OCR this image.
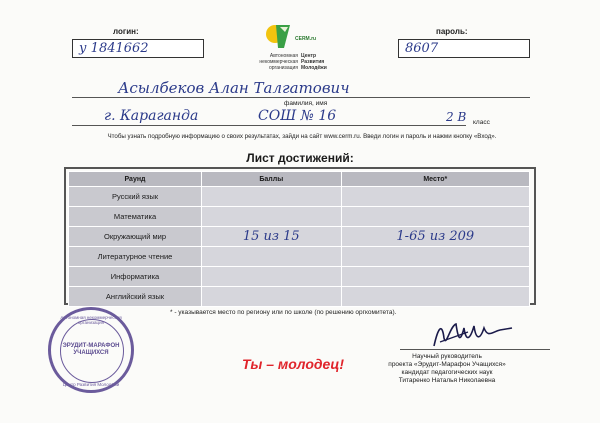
логин:
у 1841662
пароль:
8607
CERM.ru
Автономная
некоммерческая
организация
Центр
Развития
Молодёжи
Асылбеков Алан Талгатович
фамилия, имя
г. Караганда	СОШ № 16	2 В класс
Чтобы узнать подробную информацию о своих результатах, зайди на сайт www.cerm.ru. Введи логин и пароль и нажми кнопку «Вход».
Лист достижений:
Раунд	Баллы	Место*
Русский язык		
Математика		
Окружающий мир	15 из 15	1-65 из 209
Литературное чтение		
Информатика		
Английский язык		
* - указывается место по региону или по школе (по решению оргкомитета).
Автономная некоммерческая организация
ЭРУДИТ-МАРАФОН
УЧАЩИХСЯ
Центр Развития Молодёжи
Ты – молодец!	Научный руководитель
проекта «Эрудит-Марафон Учащихся»
кандидат педагогических наук
Титаренко Наталья Николаевна
